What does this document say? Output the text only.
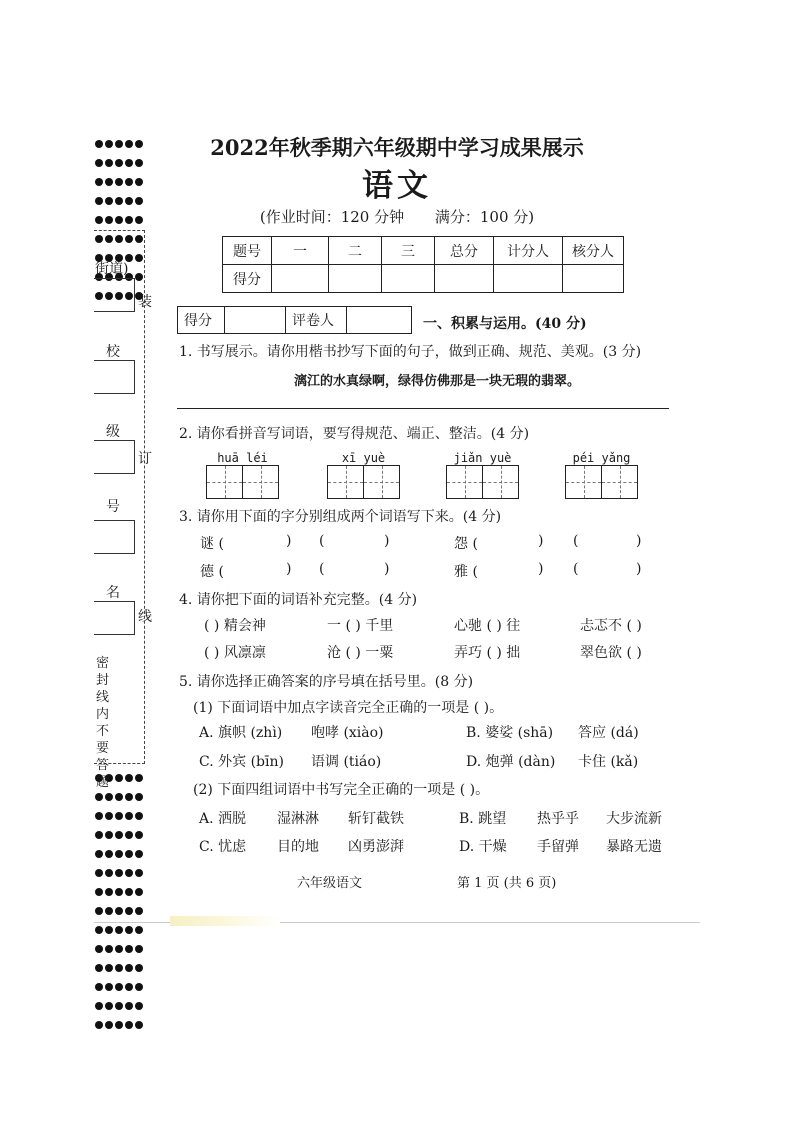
2022年秋季期六年级期中学习成果展示
语文
(作业时间：120 分钟 满分：100 分)
题号	一	二	三	总分	计分人	核分人
得分						
街道)
装
校
级
订
号
名
线
密封线内不要答题
得分		评卷人		一、积累与运用。(40 分)
1. 书写展示。请你用楷书抄写下面的句子，做到正确、规范、美观。(3 分)
漓江的水真绿啊，绿得仿佛那是一块无瑕的翡翠。
2. 请你看拼音写词语，要写得规范、端正、整洁。(4 分)
huā léi	xī yuè	jiǎn yuè	péi yǎng
3. 请你用下面的字分别组成两个词语写下来。(4 分)
谜 (	) (	)	怨 (	) (	)
德 (	) (	)	雅 (	) (	)
4. 请你把下面的词语补充完整。(4 分)
( ) 精会神	一 ( ) 千里	心驰 ( ) 往	忐忑不 ( )
( ) 风凛凛	沧 ( ) 一粟	弄巧 ( ) 拙	翠色欲 ( )
5. 请你选择正确答案的序号填在括号里。(8 分)
(1) 下面词语中加点字读音完全正确的一项是 ( )。
A. 旗帜 (zhì) 咆哮 (xiào)	B. 婆娑 (shā) 答应 (dá)
C. 外宾 (bīn) 语调 (tiáo)	D. 炮弹 (dàn) 卡住 (kǎ)
(2) 下面四组词语中书写完全正确的一项是 ( )。
A. 洒脱 湿淋淋 斩钉截铁	B. 跳望 热乎乎 大步流新
C. 忧虑 目的地 凶勇澎湃	D. 干燥 手留弹 暴路无遗
六年级语文	第 1 页 (共 6 页)
